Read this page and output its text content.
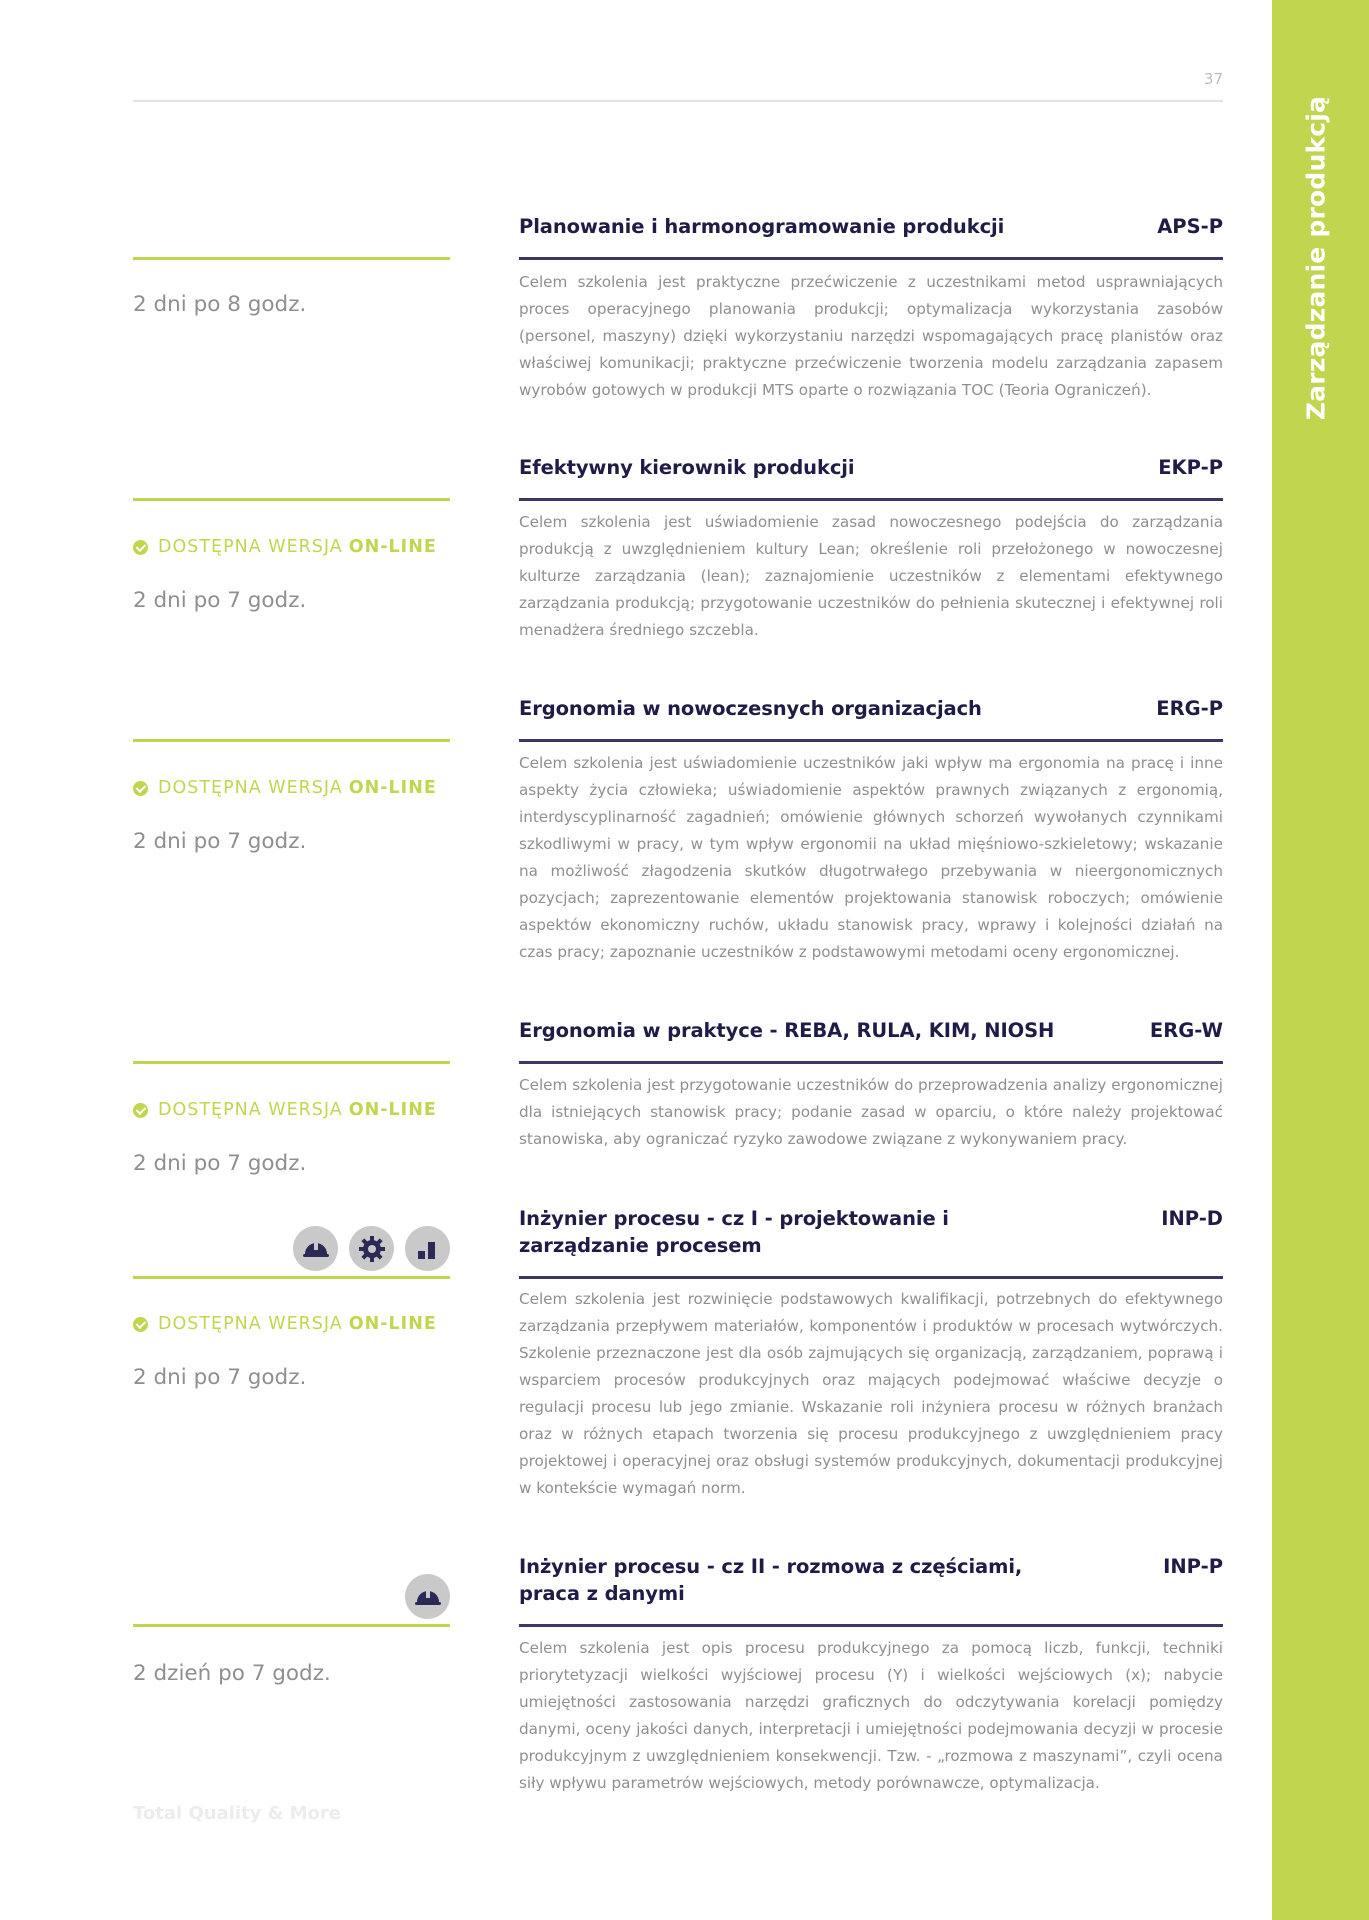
Zarządzanie produkcją
37
Planowanie i harmonogramowanie produkcji	APS-P

Celem szkolenia jest praktyczne przećwiczenie z uczestnikami metod usprawniających proces operacyjnego planowania produkcji; optymalizacja wykorzystania zasobów (personel, maszyny) dzięki wykorzystaniu narzędzi wspomagających pracę planistów oraz właściwej komunikacji; praktyczne przećwiczenie tworzenia modelu zarządzania zapasem wyrobów gotowych w produkcji MTS oparte o rozwiązania TOC (Teoria Ograniczeń).

2 dni po 8 godz.
Efektywny kierownik produkcji	EKP-P

Celem szkolenia jest uświadomienie zasad nowoczesnego podejścia do zarządzania produkcją z uwzględnieniem kultury Lean; określenie roli przełożonego w nowoczesnej kulturze zarządzania (lean); zaznajomienie uczestników z elementami efektywnego zarządzania produkcją; przygotowanie uczestników do pełnienia skutecznej i efektywnej roli menadżera średniego szczebla.

DOSTĘPNA WERSJA ON-LINE
2 dni po 7 godz.
Ergonomia w nowoczesnych organizacjach	ERG-P

Celem szkolenia jest uświadomienie uczestników jaki wpływ ma ergonomia na pracę i inne aspekty życia człowieka; uświadomienie aspektów prawnych związanych z ergonomią, interdyscyplinarność zagadnień; omówienie głównych schorzeń wywołanych czynnikami szkodliwymi w pracy, w tym wpływ ergonomii na układ mięśniowo-szkieletowy; wskazanie na możliwość złagodzenia skutków długotrwałego przebywania w nieergonomicznych pozycjach; zaprezentowanie elementów projektowania stanowisk roboczych; omówienie aspektów ekonomiczny ruchów, układu stanowisk pracy, wprawy i kolejności działań na czas pracy; zapoznanie uczestników z podstawowymi metodami oceny ergonomicznej.

DOSTĘPNA WERSJA ON-LINE
2 dni po 7 godz.
Ergonomia w praktyce - REBA, RULA, KIM, NIOSH	ERG-W

Celem szkolenia jest przygotowanie uczestników do przeprowadzenia analizy ergonomicznej dla istniejących stanowisk pracy; podanie zasad w oparciu, o które należy projektować stanowiska, aby ograniczać ryzyko zawodowe związane z wykonywaniem pracy.

DOSTĘPNA WERSJA ON-LINE
2 dni po 7 godz.
Inżynier procesu - cz I - projektowanie i zarządzanie procesem
INP-D

Celem szkolenia jest rozwinięcie podstawowych kwalifikacji, potrzebnych do efektywnego zarządzania przepływem materiałów, komponentów i produktów w procesach wytwórczych. Szkolenie przeznaczone jest dla osób zajmujących się organizacją, zarządzaniem, poprawą i wsparciem procesów produkcyjnych oraz mających podejmować właściwe decyzje o regulacji procesu lub jego zmianie. Wskazanie roli inżyniera procesu w różnych branżach oraz w różnych etapach tworzenia się procesu produkcyjnego z uwzględnieniem pracy projektowej i operacyjnej oraz obsługi systemów produkcyjnych, dokumentacji produkcyjnej w kontekście wymagań norm.

DOSTĘPNA WERSJA ON-LINE
2 dni po 7 godz.
Inżynier procesu - cz II - rozmowa z częściami, praca z danymi
INP-P

Celem szkolenia jest opis procesu produkcyjnego za pomocą liczb, funkcji, techniki priorytetyzacji wielkości wyjściowej procesu (Y) i wielkości wejściowych (x); nabycie umiejętności zastosowania narzędzi graficznych do odczytywania korelacji pomiędzy danymi, oceny jakości danych, interpretacji i umiejętności podejmowania decyzji w procesie produkcyjnym z uwzględnieniem konsekwencji. Tzw. - „rozmowa z maszynami”, czyli ocena siły wpływu parametrów wejściowych, metody porównawcze, optymalizacja.

2 dzień po 7 godz.
Total Quality & More
